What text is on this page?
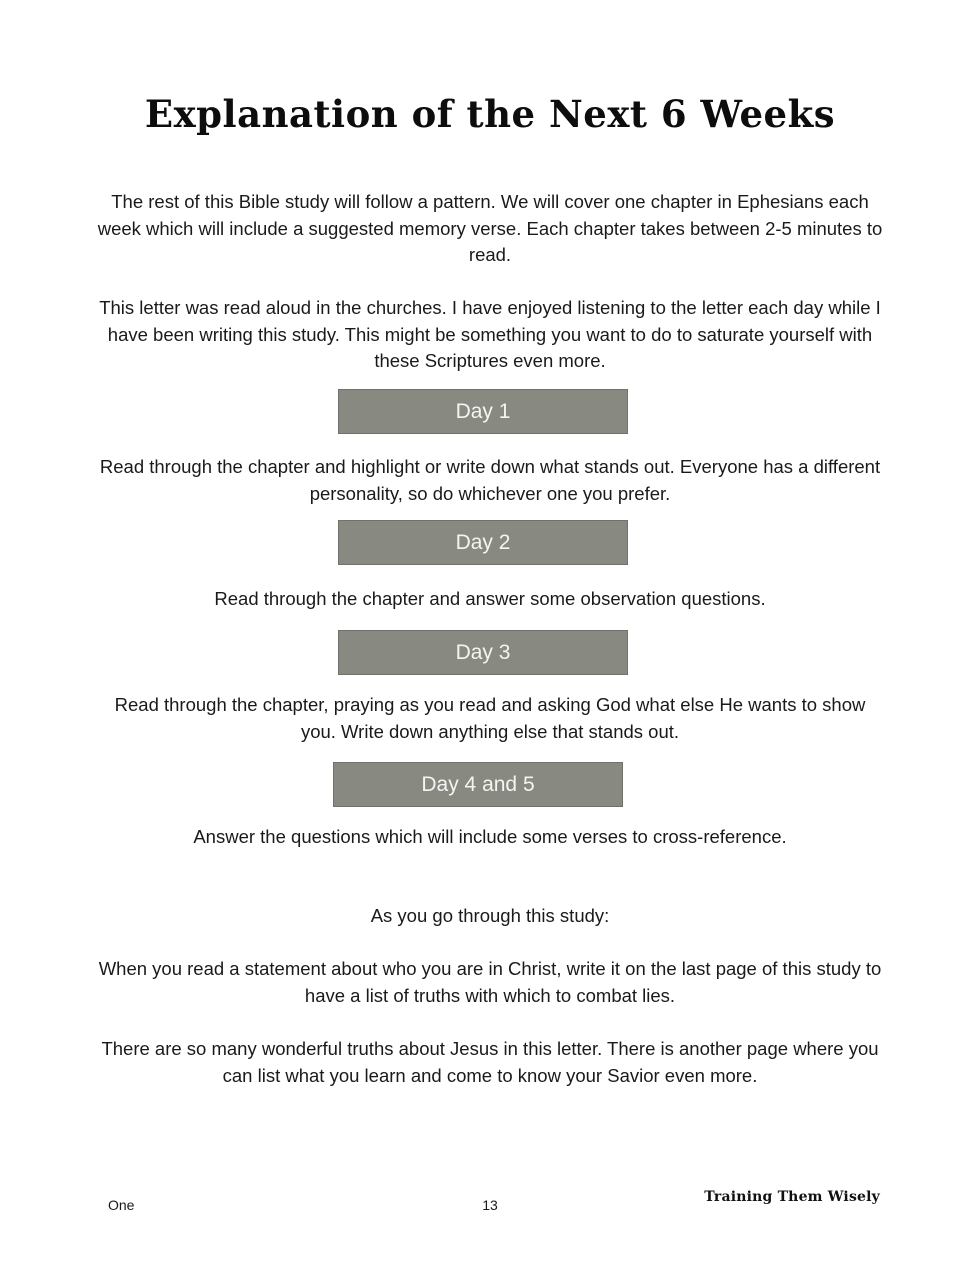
Explanation of the Next 6 Weeks

The rest of this Bible study will follow a pattern. We will cover one chapter in Ephesians each week which will include a suggested memory verse. Each chapter takes between 2-5 minutes to read.

This letter was read aloud in the churches. I have enjoyed listening to the letter each day while I have been writing this study. This might be something you want to do to saturate yourself with these Scriptures even more.

Day 1

Read through the chapter and highlight or write down what stands out. Everyone has a different personality, so do whichever one you prefer.

Day 2

Read through the chapter and answer some observation questions.

Day 3

Read through the chapter, praying as you read and asking God what else He wants to show you. Write down anything else that stands out.

Day 4 and 5

Answer the questions which will include some verses to cross-reference.

As you go through this study:

When you read a statement about who you are in Christ, write it on the last page of this study to have a list of truths with which to combat lies.

There are so many wonderful truths about Jesus in this letter. There is another page where you can list what you learn and come to know your Savior even more.

One	13	Training Them Wisely
